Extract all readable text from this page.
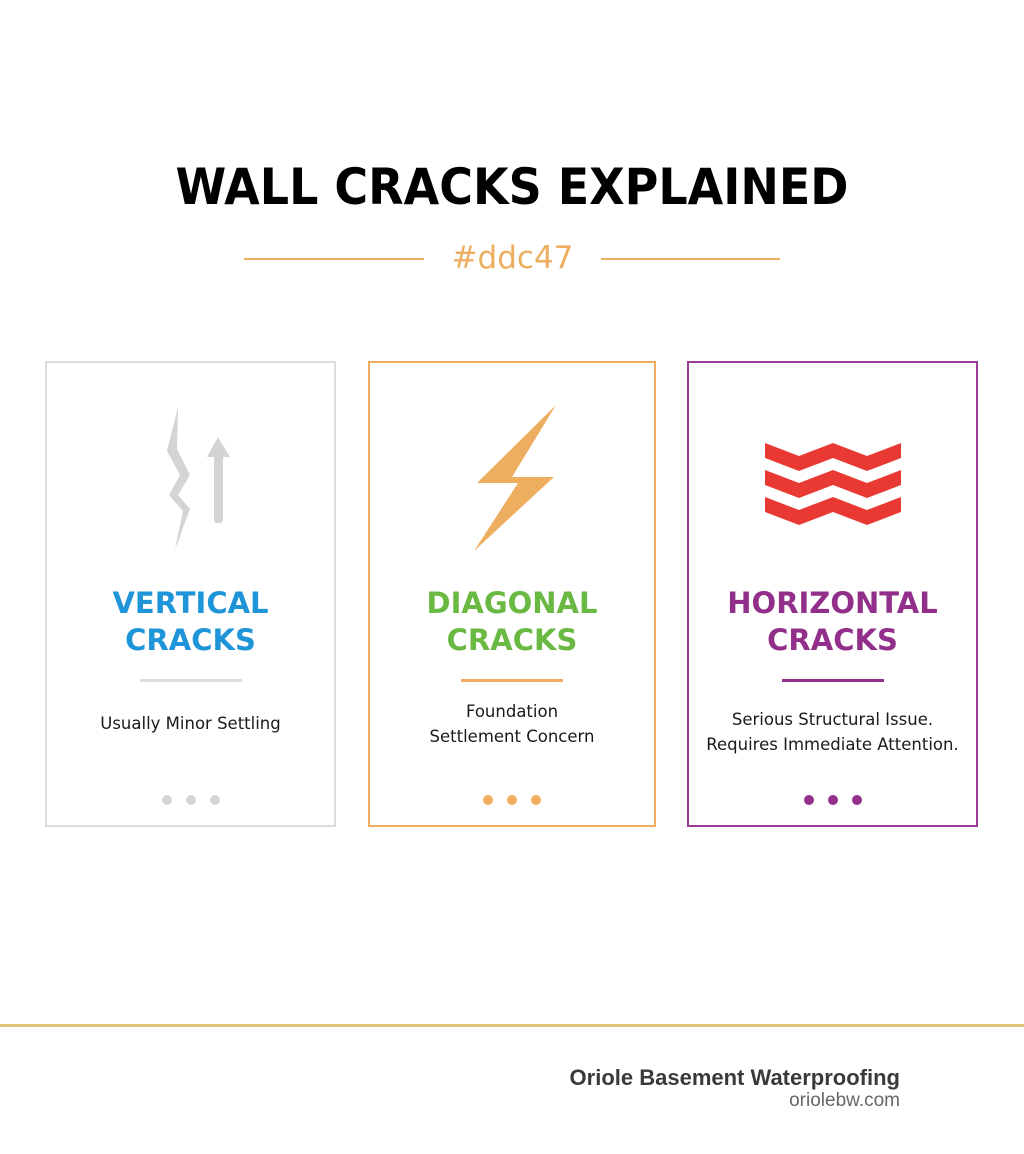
WALL CRACKS EXPLAINED
#ddc47
VERTICAL
CRACKS
Usually Minor Settling
DIAGONAL
CRACKS
Foundation
Settlement Concern
HORIZONTAL
CRACKS
Serious Structural Issue.
Requires Immediate Attention.
Oriole Basement Waterproofing
oriolebw.com
